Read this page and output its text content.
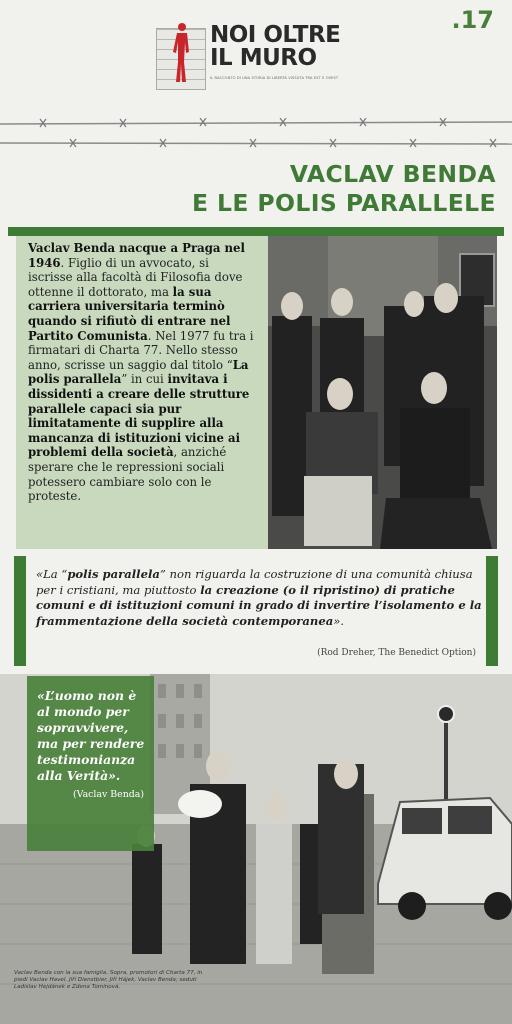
NOI OLTRE
IL MURO
IL RACCONTO DI UNA STORIA DI LIBERTÀ VISSUTA TRA EST E OVEST
.17
VACLAV BENDA
E LE POLIS PARALLELE
Vaclav Benda nacque a Praga nel 1946. Figlio di un avvocato, si iscrisse alla facoltà di Filosofia dove ottenne il dottorato, ma la sua carriera universitaria terminò quando si rifiutò di entrare nel Partito Comunista. Nel 1977 fu tra i firmatari di Charta 77. Nello stesso anno, scrisse un saggio dal titolo “La polis parallela” in cui invitava i dissidenti a creare delle strutture parallele capaci sia pur limitatamente di supplire alla mancanza di istituzioni vicine ai problemi della società, anziché sperare che le repressioni sociali potessero cambiare solo con le proteste.
«La “polis parallela” non riguarda la costruzione di una comunità chiusa per i cristiani, ma piuttosto la creazione (o il ripristino) di pratiche comuni e di istituzioni comuni in grado di invertire l’isolamento e la frammentazione della società contemporanea».
(Rod Dreher, The Benedict Option)
«L’uomo non è al mondo per sopravvivere, ma per rendere testimonianza alla Verità».
(Vaclav Benda)
Vaclav Benda con la sua famiglia. Sopra, promotori di Charta 77, in piedi Vaclav Havel, Jiří Dienstbier, Jiří Hájek, Vaclav Benda; seduti Ladislav Hejdánek e Zdena Tominová.
